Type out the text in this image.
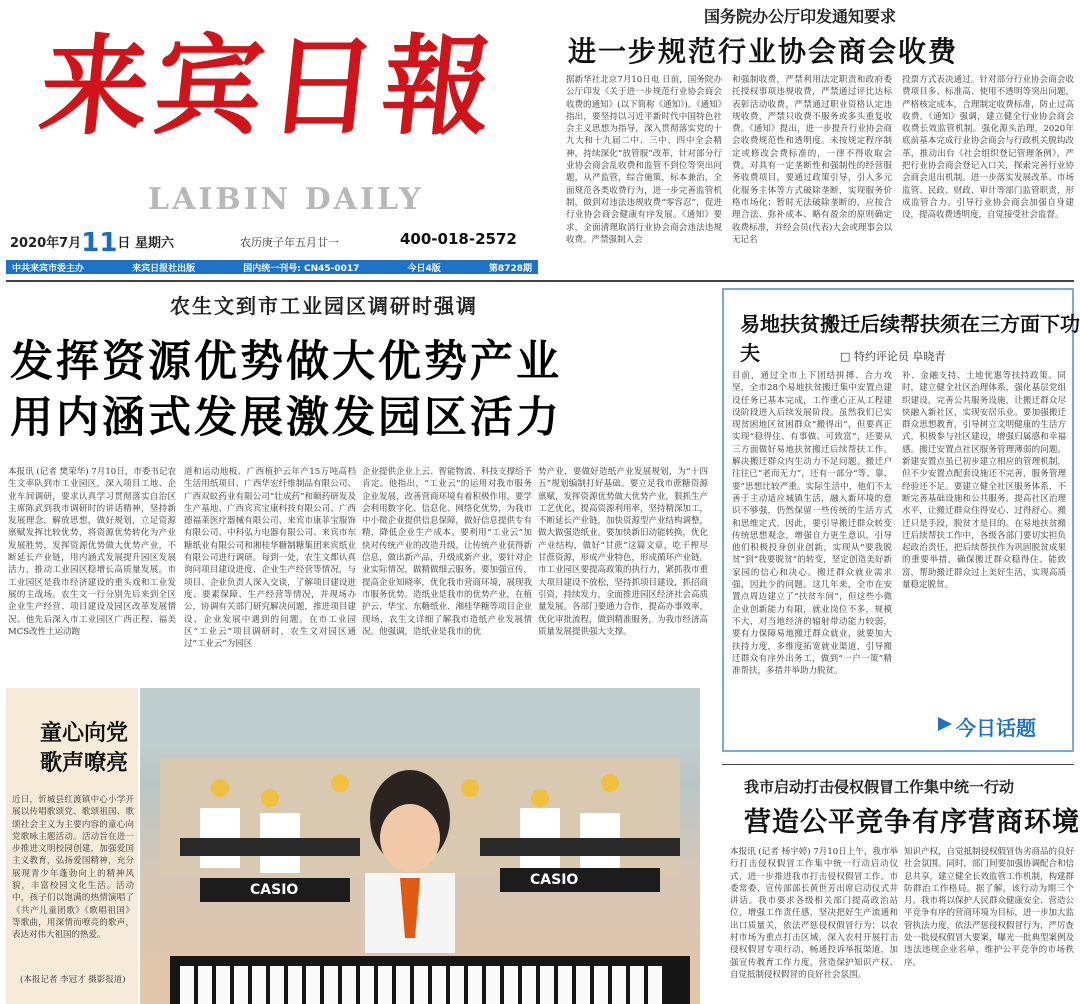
来宾日報
LAIBIN DAILY
2020年7月11日 星期六	农历庚子年五月廿一	400-018-2572
中共来宾市委主办	来宾日报社出版	国内统一刊号: CN45-0017	今日4版	第8728期
国务院办公厅印发通知要求
进一步规范行业协会商会收费
据新华社北京7月10日电 日前，国务院办公厅印发《关于进一步规范行业协会商会收费的通知》(以下简称《通知》)。《通知》指出，要坚持以习近平新时代中国特色社会主义思想为指导，深入贯彻落实党的十九大和十九届二中、三中、四中全会精神，持续深化“放管服”改革，针对部分行业协会商会乱收费和监管不到位等突出问题，从严监管，综合施策，标本兼治，全面规范各类收费行为，进一步完善监管机制，做到对违法违规收费“零容忍”，促进行业协会商会健康有序发展。《通知》要求，全面清理取消行业协会商会违法违规收费。严禁强制入会
和强制收费，严禁利用法定职责和政府委托授权事项违规收费，严禁通过评比达标表彰活动收费，严禁通过职业资格认定违规收费，严禁只收费不服务或多头重复收费。《通知》提出，进一步提升行业协会商会收费规范性和透明度。未按规定程序制定或修改会费标准的，一律不得收取会费。对具有一定垄断性和强制性的经营服务收费项目，要通过政策引导，引入多元化服务主体等方式破除垄断，实现服务价格市场化；暂时无法破除垄断的，应按合理合法、弥补成本、略有盈余的原则确定收费标准，并经会员(代表)大会或理事会以无记名
投票方式表决通过。针对部分行业协会商会收费项目多、标准高、使用不透明等突出问题，严格核定成本，合理制定收费标准，防止过高收费。《通知》强调，建立健全行业协会商会收费长效监管机制。强化源头治理，2020年底前基本完成行业协会商会与行政机关脱钩改革，推动出台《社会组织登记管理条例》，严把行业协会商会登记入口关，探索完善行业协会商会退出机制。进一步落实发展改革、市场监管、民政、财政、审计等部门监管职责，形成监管合力。引导行业协会商会加强自身建设，提高收费透明度，自觉接受社会监督。
农生文到市工业园区调研时强调
发挥资源优势做大优势产业
用内涵式发展激发园区活力
本报讯 (记者 樊荣华) 7月10日，市委书记农生文率队到市工业园区，深入项目工地、企业车间调研，要求认真学习贯彻落实自治区主席陈武到我市调研时的讲话精神，坚持新发展理念，解放思想，做好规划，立足资源禀赋发挥比较优势，将资源优势转化为产业发展胜势，发挥资源优势做大优势产业，不断延长产业链，用内涵式发展提升园区发展活力，推动工业园区稳增长高质量发展。市工业园区是我市经济建设的重头戏和工业发展的主战场。农生文一行分别先后来到全区企业生产经营、项目建设及园区改革发展情况。他先后深入市工业园区广西正程、福美MCS改性土运动跑
道和运动地板、广西植护云年产15万吨高档生活用纸项目、广西华宏纤维制品有限公司、广西双蚁药业有限公司“壮成药”和颐药研发及生产基地、广西宾宾宝康科技有限公司、广西德福莱医疗器械有限公司、来宾市康菲宝服饰有限公司、中科弘力电器有限公司、来宾市东糖纸业有限公司和湘桂华糖制糖集团来宾纸业有限公司进行调研。每到一处，农生文都认真询问项目建设进度、企业生产经营等情况，与项目、企业负责人深入交谈，了解项目建设进度、要素保障、生产经营等情况，并现场办公，协调有关部门研究解决问题，推进项目建设、企业发展中遇到的问题。在市工业园区“工业云”项目调研时，农生文对园区通过“工业云”为园区
企业提供企业上云、智能物流、科技支撑给予肯定。他指出，“工业云”的运用对我市服务企业发展，改善营商环境有着积极作用，要学会利用数字化、信息化、网络化优势，为我市中小微企业提供信息保障，做好信息提供专有精，降低企业生产成本。要利用“工业云”加快对传统产业的改造升级，让传统产业获得新信息，做出新产品，升级成新产业，要针对企业实际情况，做精做细云服务。要加强宣传，提高企业知晓率，优化我市营商环境，展现我市服务优势。造纸业是我市的优势产业，在植护云、华宝、东糖纸业、湘桂华糖等项目企业现场，农生文详细了解我市造纸产业发展情况。他强调，造纸业是我市的优
势产业，要做好造纸产业发展规划，为“十四五”规划编制打好基础。要立足我市蔗糖资源禀赋，发挥资源优势做大优势产业，狠抓生产工艺优化，提高资源利用率，坚持精深加工，不断延长产业链，加快资源型产业结构调整，做大做强造纸业。要加快新旧动能转换，优化产业结构，做好“甘蔗”这篇文章，吃干榨尽甘蔗资源，形成产业特色，形成循环产业链。市工业园区要提高政策的执行力，紧抓我市重大项目建设不放松，坚持抓项目建设，抓招商引资，持续发力，全面推进园区经济社会高质量发展。各部门要通力合作，提高办事效率，优化审批流程，做到精准服务，为我市经济高质量发展提供强大支撑。
易地扶贫搬迁后续帮扶须在三方面下功夫	□ 特约评论员 阜晓青
目前，通过全市上下团结拼搏、合力攻坚，全市28个易地扶贫搬迁集中安置点建设任务已基本完成，工作重心正从工程建设阶段进入后续发展阶段。虽然我们已实现贫困地区贫困群众“搬得出”，但要真正实现“稳得住、有事做、可致富”，还要从三方面做好易地扶贫搬迁后续帮扶工作。解决搬迁群众内生动力不足问题。搬迁户往往已“老而无力”，还有一部分“等、靠、要”思想比较严重。实际生活中，他们不太善于主动适应城镇生活，融入新环境的意识不够强，仍然保留一些传统的生活方式和思维定式。因此，要引导搬迁群众转变传统思想观念，增强自力更生意识，引导他们积极投身创业创新，实现从“要我脱贫”到“我要脱贫”的转变，坚定创造美好新家园的信心和决心。搬迁群众就业需求强，因此少的问题。这几年来，全市在安置点周边建立了“扶贫车间”，但这些小微企业创新能力有限，就业岗位不多，规模不大，对当地经济的辐射带动能力较弱，要有力保障易地搬迁群众就业，就要加大扶持力度，多维度拓宽就业渠道，引导搬迁群众有序外出务工，做到“一户一策”精准帮扶，多措并举助力脱贫。
补、金融支持、土地优惠等扶持政策。同时，建立健全社区治理体系，强化基层党组织建设，完善公共服务设施，让搬迁群众尽快融入新社区，实现安居乐业。要加强搬迁群众思想教育，引导树立文明健康的生活方式，积极参与社区建设，增强归属感和幸福感。搬迁安置点社区服务管理薄弱的问题。新建安置点虽已初步建立相应的管理机制，但不少安置点配套设施还不完善，服务管理经验还不足。要建立健全社区服务体系，不断完善基础设施和公共服务，提高社区治理水平，让搬迁群众住得安心、过得舒心。搬迁只是手段，脱贫才是目的。在易地扶贫搬迁后续帮扶工作中，各级各部门要切实担负起政治责任，把后续帮扶作为巩固脱贫成果的重要举措，确保搬迁群众稳得住、能致富，帮助搬迁群众过上美好生活，实现高质量稳定脱贫。
今日话题
童心向党
歌声嘹亮
近日，忻城县红渡镇中心小学开展以传唱歌颂党、歌颂祖国、歌颂社会主义为主要内容的童心向党歌咏主题活动。活动旨在进一步推进文明校园创建，加强爱国主义教育，弘扬爱国精神，充分展现青少年蓬勃向上的精神风貌，丰富校园文化生活。活动中，孩子们以饱满的热情演唱了《共产儿童团歌》《歌唱祖国》等歌曲，用深情而嘹亮的歌声，表达对伟大祖国的热爱。
(本报记者 李冠才 摄影报道)
CASIO
CASIO
我市启动打击侵权假冒工作集中统一行动
营造公平竞争有序营商环境
本报讯 (记者 杨宇婷) 7月10日上午，我市举行打击侵权假冒工作集中统一行动启动仪式，进一步推进我市打击侵权假冒工作。市委常委、宣传部部长黄世芳出席启动仪式并讲话。我市要求各级相关部门提高政治站位，增强工作责任感，坚决把好生产流通和出口质量关，依法严惩侵权假冒行为；以农村市场为重点打击区域，深入农村开展打击侵权假冒专项行动，畅通投诉举报渠道，加强宣传教育工作力度，营造保护知识产权、自觉抵制侵权假冒的良好社会氛围。
知识产权，自觉抵制侵权假冒伪劣商品的良好社会氛围。同时，部门间要加强协调配合和信息共享，建立健全长效监管工作机制，构建群防群治工作格局。据了解，该行动为期三个月。我市将以保护人民群众健康安全、营造公平竞争有序的营商环境为目标，进一步加大监管执法力度，依法严惩侵权假冒行为，严厉查处一批侵权假冒大要案，曝光一批典型案例及违法违规企业名单，维护公平竞争的市场秩序。
